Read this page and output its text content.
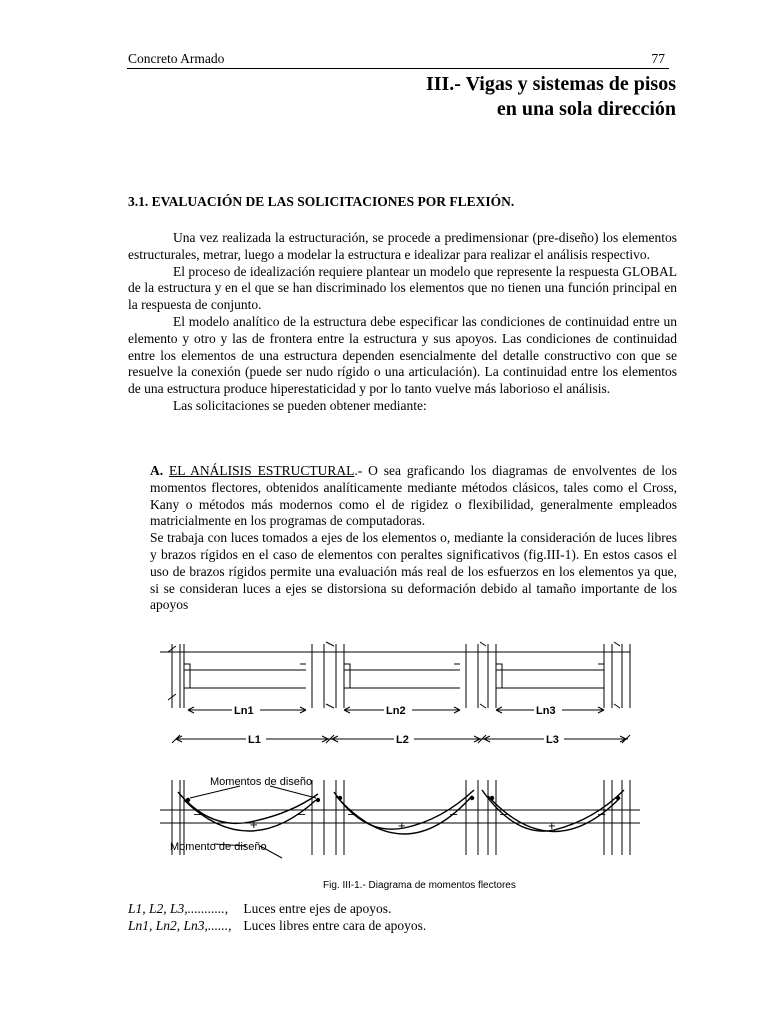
Concreto Armado	77
III.- Vigas y sistemas de pisos
en una sola dirección
3.1. EVALUACIÓN DE LAS SOLICITACIONES POR FLEXIÓN.

Una vez realizada la estructuración, se procede a predimensionar (pre-diseño) los elementos estructurales, metrar, luego a modelar la estructura e idealizar para realizar el análisis respectivo.

El proceso de idealización requiere plantear un modelo que represente la respuesta GLOBAL de la estructura y en el que se han discriminado los elementos que no tienen una función principal en la respuesta de conjunto.

El modelo analítico de la estructura debe especificar las condiciones de continuidad entre un elemento y otro y las de frontera entre la estructura y sus apoyos. Las condiciones de continuidad entre los elementos de una estructura dependen esencialmente del detalle constructivo con que se resuelve la conexión (puede ser nudo rígido o una articulación). La continuidad entre los elementos de una estructura produce hiperestaticidad y por lo tanto vuelve más laborioso el análisis.

Las solicitaciones se pueden obtener mediante:

A. EL ANÁLISIS ESTRUCTURAL.- O sea graficando los diagramas de envolventes de los momentos flectores, obtenidos analíticamente mediante métodos clásicos, tales como el Cross, Kany o métodos más modernos como el de rigidez o flexibilidad, generalmente empleados matricialmente en los programas de computadoras.

Se trabaja con luces tomados a ejes de los elementos o, mediante la consideración de luces libres y brazos rígidos en el caso de elementos con peraltes significativos (fig.III-1). En estos casos el uso de brazos rígidos permite una evaluación más real de los esfuerzos en los elementos ya que, si se consideran luces a ejes se distorsiona su deformación debido al tamaño importante de los apoyos

Ln1	Ln2	Ln3
L1	L2	L3
Momentos de diseño
Momento de diseño
+	+	+
–	–	–	–	–	–
Fig. III-1.- Diagrama de momentos flectores
L1, L2, L3,..........., Luces entre ejes de apoyos.
Ln1, Ln2, Ln3,......, Luces libres entre cara de apoyos.
